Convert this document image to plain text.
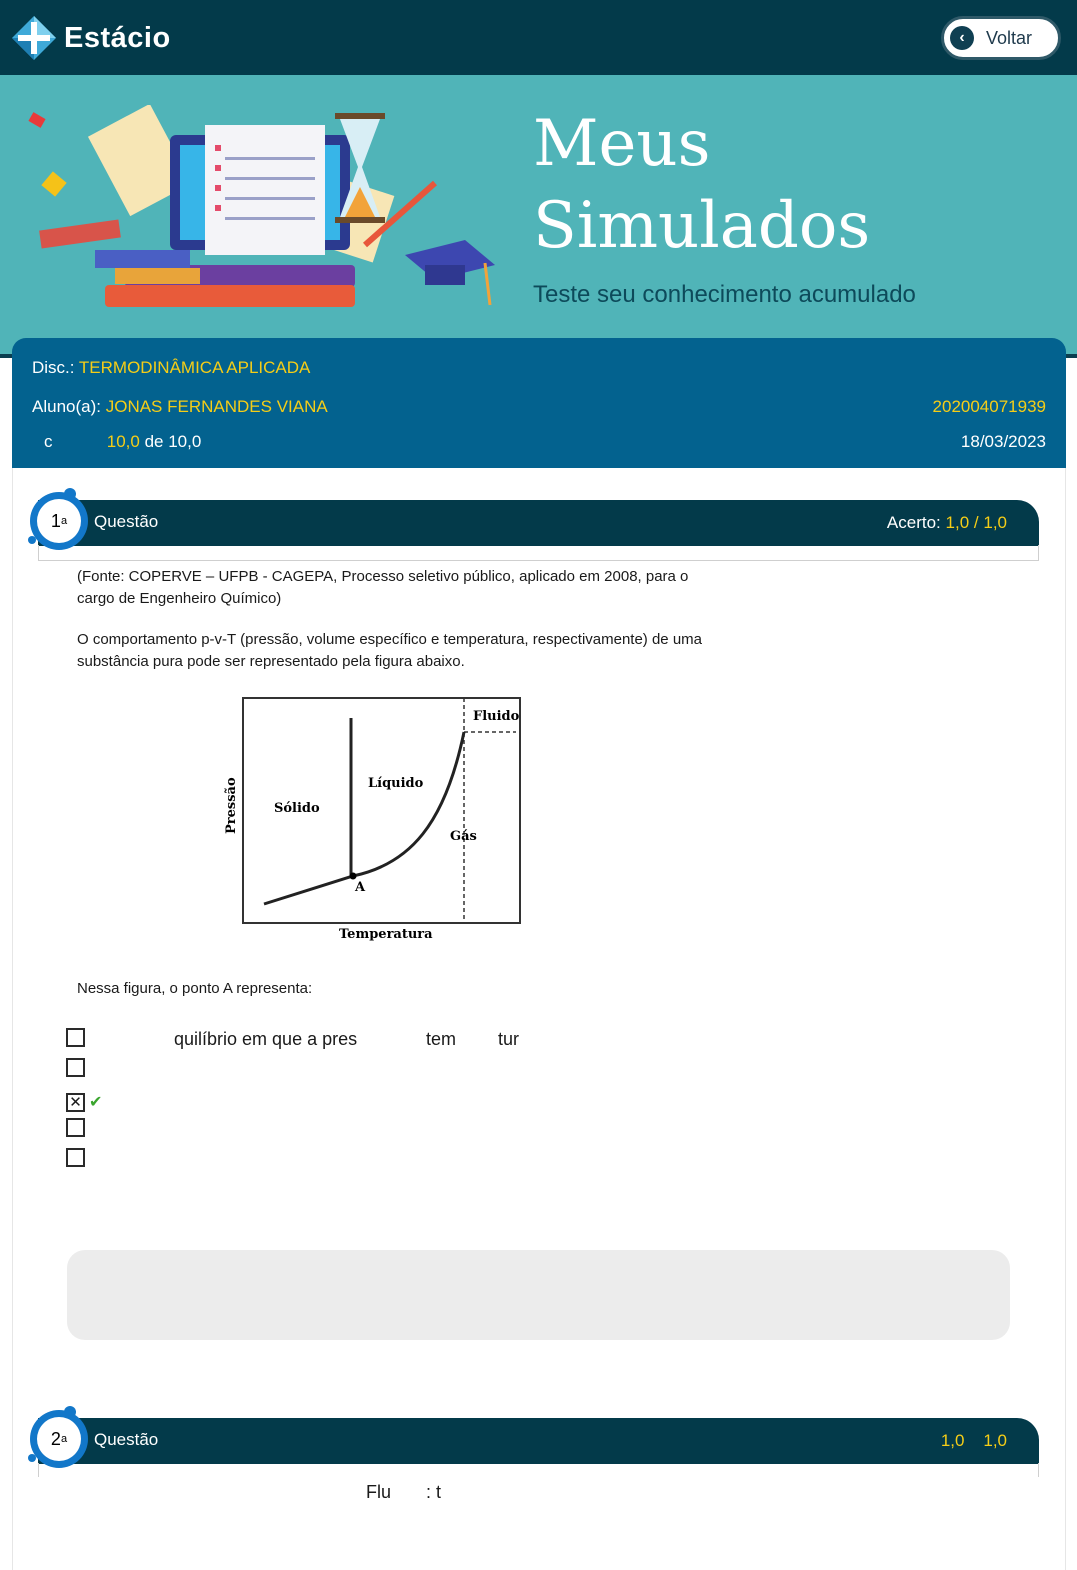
Estácio	‹	Voltar
Meus
Simulados
Teste seu conhecimento acumulado
Disc.: TERMODINÂMICA APLICADA
Aluno(a): JONAS FERNANDES VIANA	202004071939
c	10,0 de 10,0	18/03/2023
Questão	Acerto: 1,0 / 1,0
1 a
(Fonte: COPERVE – UFPB - CAGEPA, Processo seletivo público, aplicado em 2008, para o cargo de Engenheiro Químico)
O comportamento p-v-T (pressão, volume específico e temperatura, respectivamente) de uma substância pura pode ser representado pela figura abaixo.
Fluido
Líquido
Sólido
Gás
A
Pressão
Temperatura
Nessa figura, o ponto A representa:
quilíbrio em que a pres	tem tur
✕ ✔
Questão	1,0 1,0
2 a
Flu : t
